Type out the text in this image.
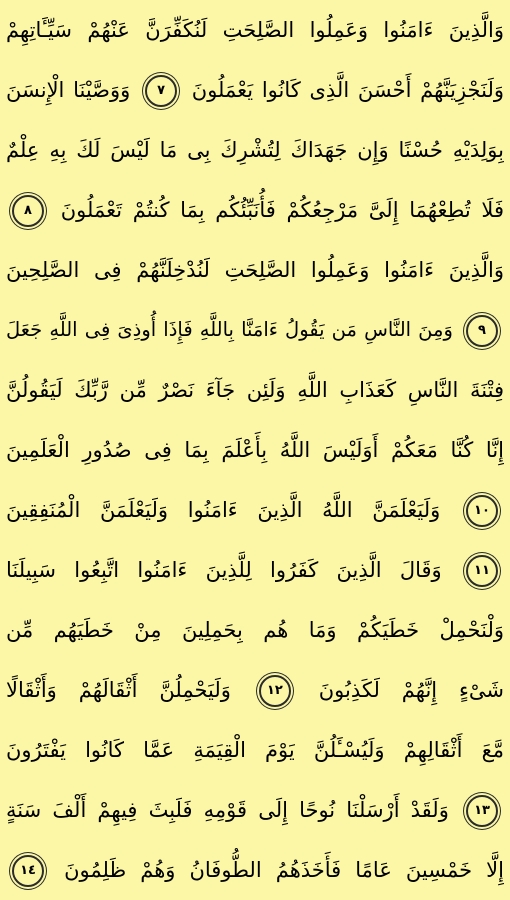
وَالَّذِينَ ءَامَنُوا وَعَمِلُوا الصَّلِحَتِ لَنُكَفِّرَنَّ عَنْهُمْ سَيِّـَٔاتِهِمْ
وَلَنَجْزِيَنَّهُمْ أَحْسَنَ الَّذِى كَانُوا يَعْمَلُونَ ٧ وَوَصَّيْنَا الْإِنسَنَ
بِوَلِدَيْهِ حُسْنًا وَإِن جَهَدَاكَ لِتُشْرِكَ بِى مَا لَيْسَ لَكَ بِهِ عِلْمٌ
فَلَا تُطِعْهُمَا إِلَىَّ مَرْجِعُكُمْ فَأُنَبِّئُكُم بِمَا كُنتُمْ تَعْمَلُونَ ٨
وَالَّذِينَ ءَامَنُوا وَعَمِلُوا الصَّلِحَتِ لَنُدْخِلَنَّهُمْ فِى الصَّلِحِينَ
٩ وَمِنَ النَّاسِ مَن يَقُولُ ءَامَنَّا بِاللَّهِ فَإِذَا أُوذِىَ فِى اللَّهِ جَعَلَ
فِتْنَةَ النَّاسِ كَعَذَابِ اللَّهِ وَلَئِن جَآءَ نَصْرٌ مِّن رَّبِّكَ لَيَقُولُنَّ
إِنَّا كُنَّا مَعَكُمْ أَوَلَيْسَ اللَّهُ بِأَعْلَمَ بِمَا فِى صُدُورِ الْعَلَمِينَ
١٠ وَلَيَعْلَمَنَّ اللَّهُ الَّذِينَ ءَامَنُوا وَلَيَعْلَمَنَّ الْمُنَفِقِينَ
١١ وَقَالَ الَّذِينَ كَفَرُوا لِلَّذِينَ ءَامَنُوا اتَّبِعُوا سَبِيلَنَا
وَلْنَحْمِلْ خَطَيَكُمْ وَمَا هُم بِحَمِلِينَ مِنْ خَطَيَهُم مِّن
شَىْءٍ إِنَّهُمْ لَكَذِبُونَ ١٢ وَلَيَحْمِلُنَّ أَثْقَالَهُمْ وَأَثْقَالًا
مَّعَ أَثْقَالِهِمْ وَلَيُسْـَٔلُنَّ يَوْمَ الْقِيَمَةِ عَمَّا كَانُوا يَفْتَرُونَ
١٣ وَلَقَدْ أَرْسَلْنَا نُوحًا إِلَى قَوْمِهِ فَلَبِثَ فِيهِمْ أَلْفَ سَنَةٍ
إِلَّا خَمْسِينَ عَامًا فَأَخَذَهُمُ الطُّوفَانُ وَهُمْ ظَلِمُونَ ١٤
